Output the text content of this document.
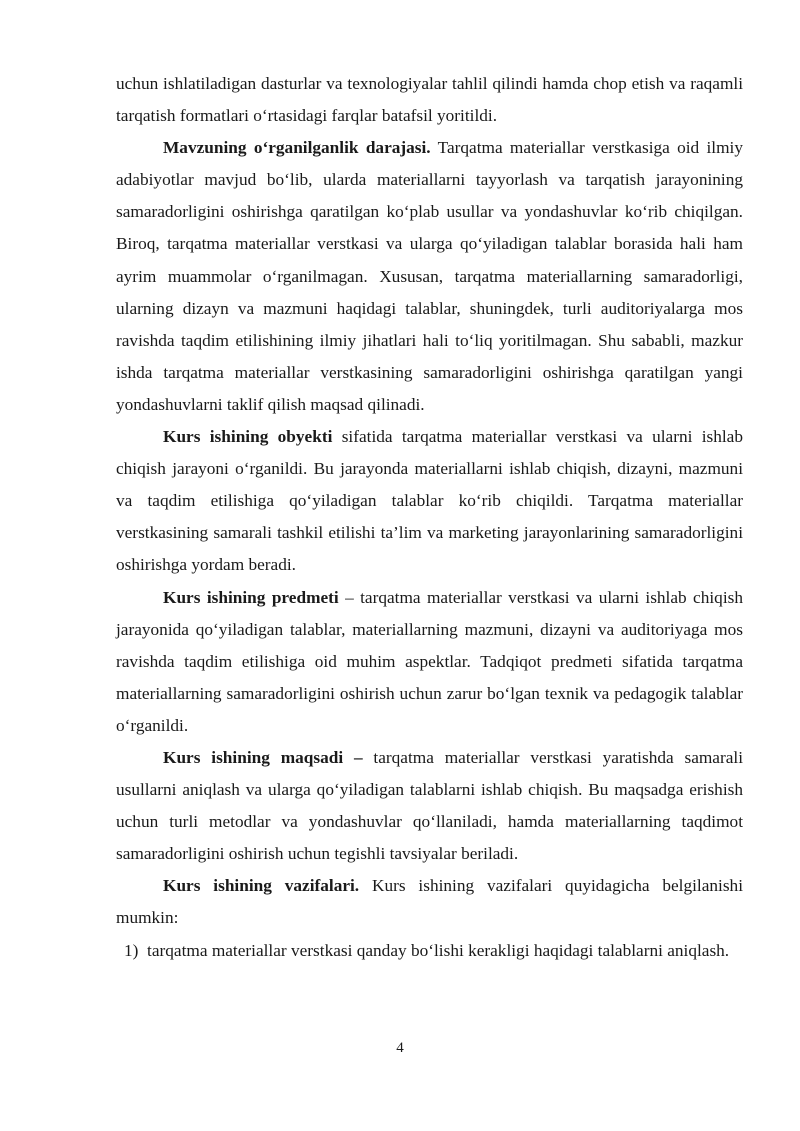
uchun ishlatiladigan dasturlar va texnologiyalar tahlil qilindi hamda chop etish va raqamli tarqatish formatlari o‘rtasidagi farqlar batafsil yoritildi.

Mavzuning o‘rganilganlik darajasi. Tarqatma materiallar verstkasiga oid ilmiy adabiyotlar mavjud bo‘lib, ularda materiallarni tayyorlash va tarqatish jarayonining samaradorligini oshirishga qaratilgan ko‘plab usullar va yondashuvlar ko‘rib chiqilgan. Biroq, tarqatma materiallar verstkasi va ularga qo‘yiladigan talablar borasida hali ham ayrim muammolar o‘rganilmagan. Xususan, tarqatma materiallarning samaradorligi, ularning dizayn va mazmuni haqidagi talablar, shuningdek, turli auditoriyalarga mos ravishda taqdim etilishining ilmiy jihatlari hali to‘liq yoritilmagan. Shu sababli, mazkur ishda tarqatma materiallar verstkasining samaradorligini oshirishga qaratilgan yangi yondashuvlarni taklif qilish maqsad qilinadi.

Kurs ishining obyekti sifatida tarqatma materiallar verstkasi va ularni ishlab chiqish jarayoni o‘rganildi. Bu jarayonda materiallarni ishlab chiqish, dizayni, mazmuni va taqdim etilishiga qo‘yiladigan talablar ko‘rib chiqildi. Tarqatma materiallar verstkasining samarali tashkil etilishi ta’lim va marketing jarayonlarining samaradorligini oshirishga yordam beradi.

Kurs ishining predmeti – tarqatma materiallar verstkasi va ularni ishlab chiqish jarayonida qo‘yiladigan talablar, materiallarning mazmuni, dizayni va auditoriyaga mos ravishda taqdim etilishiga oid muhim aspektlar. Tadqiqot predmeti sifatida tarqatma materiallarning samaradorligini oshirish uchun zarur bo‘lgan texnik va pedagogik talablar o‘rganildi.

Kurs ishining maqsadi – tarqatma materiallar verstkasi yaratishda samarali usullarni aniqlash va ularga qo‘yiladigan talablarni ishlab chiqish. Bu maqsadga erishish uchun turli metodlar va yondashuvlar qo‘llaniladi, hamda materiallarning taqdimot samaradorligini oshirish uchun tegishli tavsiyalar beriladi.

Kurs ishining vazifalari. Kurs ishining vazifalari quyidagicha belgilanishi mumkin:

1) tarqatma materiallar verstkasi qanday bo‘lishi kerakligi haqidagi talablarni aniqlash.

4
